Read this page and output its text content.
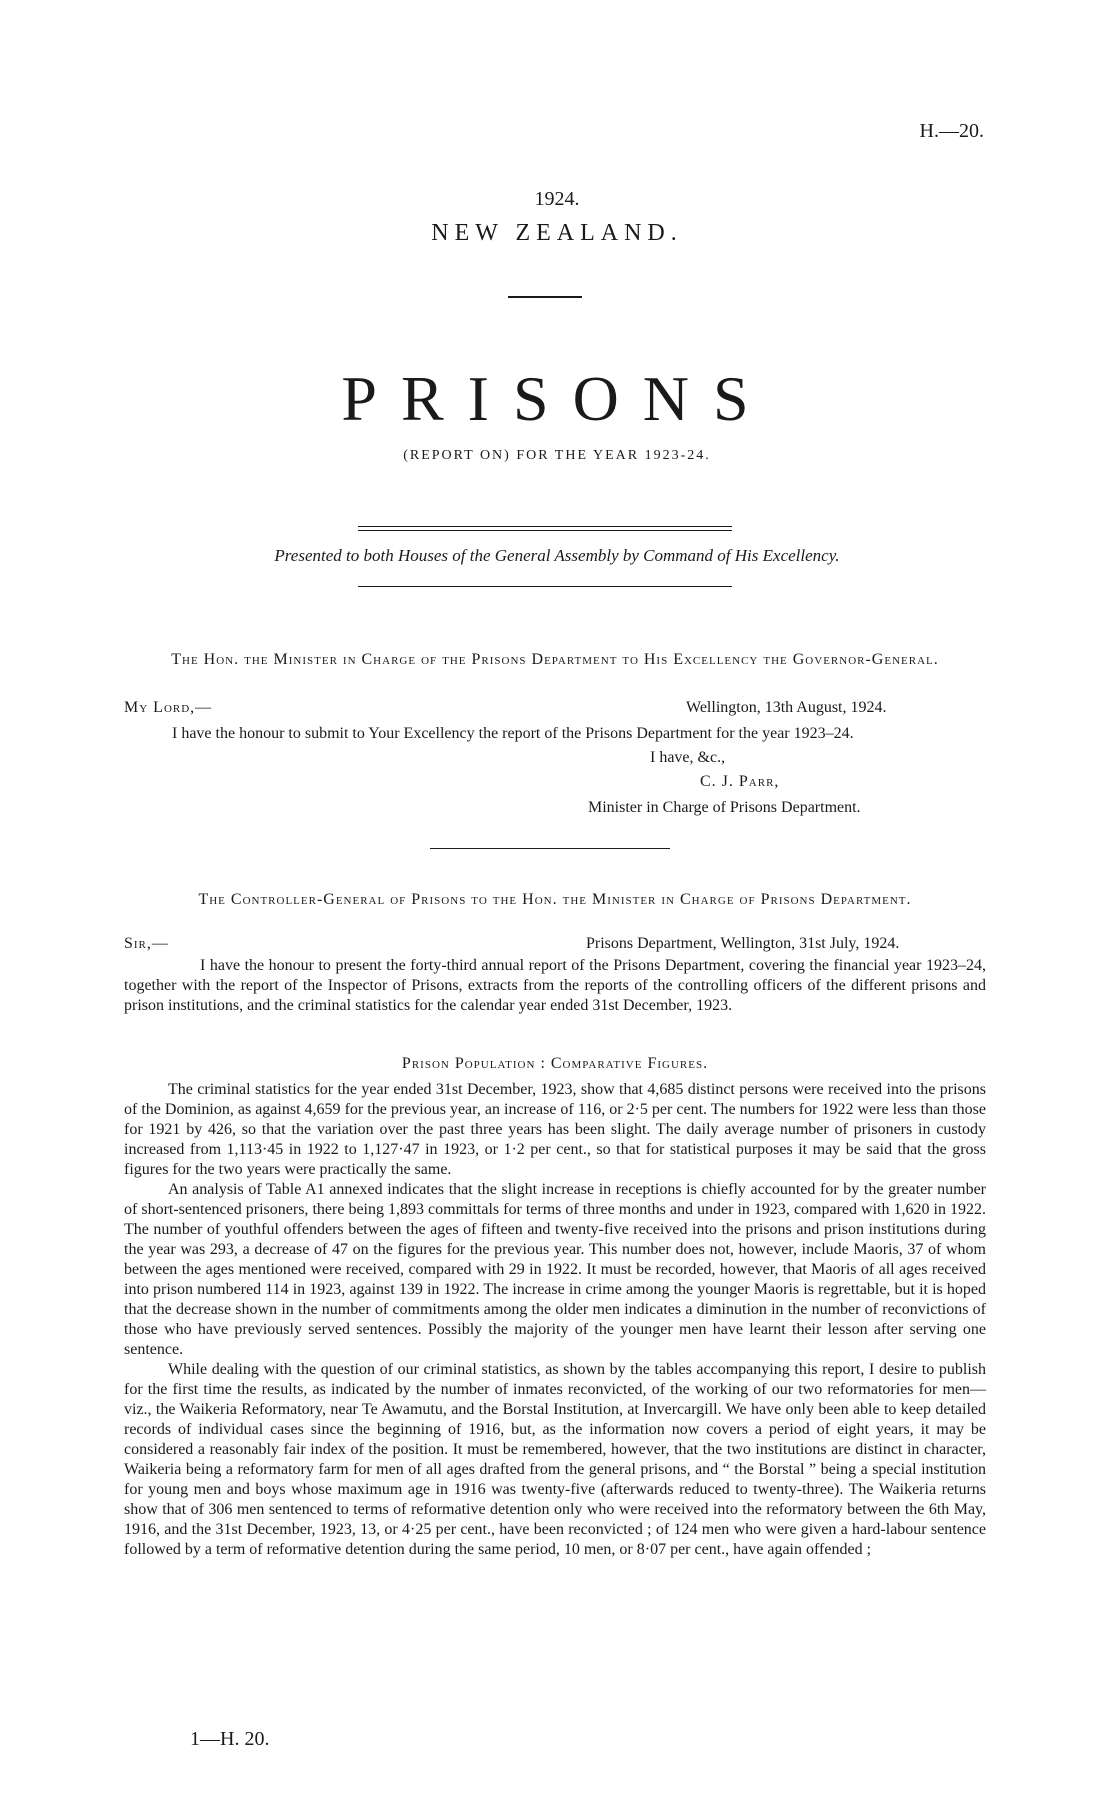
H.—20.
1924.
NEW ZEALAND.
PRISONS
(REPORT ON) FOR THE YEAR 1923-24.
Presented to both Houses of the General Assembly by Command of His Excellency.
The Hon. the Minister in Charge of the Prisons Department to His Excellency the Governor-General.
My Lord,—	Wellington, 13th August, 1924.
I have the honour to submit to Your Excellency the report of the Prisons Department for the year 1923–24.
I have, &c.,
C. J. Parr,
Minister in Charge of Prisons Department.
The Controller-General of Prisons to the Hon. the Minister in Charge of Prisons Department.
Sir,—	Prisons Department, Wellington, 31st July, 1924.
I have the honour to present the forty-third annual report of the Prisons Department, covering the financial year 1923–24, together with the report of the Inspector of Prisons, extracts from the reports of the controlling officers of the different prisons and prison institutions, and the criminal statistics for the calendar year ended 31st December, 1923.
Prison Population : Comparative Figures.

The criminal statistics for the year ended 31st December, 1923, show that 4,685 distinct persons were received into the prisons of the Dominion, as against 4,659 for the previous year, an increase of 116, or 2·5 per cent. The numbers for 1922 were less than those for 1921 by 426, so that the variation over the past three years has been slight. The daily average number of prisoners in custody increased from 1,113·45 in 1922 to 1,127·47 in 1923, or 1·2 per cent., so that for statistical purposes it may be said that the gross figures for the two years were practically the same.

An analysis of Table A1 annexed indicates that the slight increase in receptions is chiefly accounted for by the greater number of short-sentenced prisoners, there being 1,893 committals for terms of three months and under in 1923, compared with 1,620 in 1922. The number of youthful offenders between the ages of fifteen and twenty-five received into the prisons and prison institutions during the year was 293, a decrease of 47 on the figures for the previous year. This number does not, however, include Maoris, 37 of whom between the ages mentioned were received, compared with 29 in 1922. It must be recorded, however, that Maoris of all ages received into prison numbered 114 in 1923, against 139 in 1922. The increase in crime among the younger Maoris is regrettable, but it is hoped that the decrease shown in the number of commitments among the older men indicates a diminution in the number of reconvictions of those who have previously served sentences. Possibly the majority of the younger men have learnt their lesson after serving one sentence.

While dealing with the question of our criminal statistics, as shown by the tables accompanying this report, I desire to publish for the first time the results, as indicated by the number of inmates reconvicted, of the working of our two reformatories for men—viz., the Waikeria Reformatory, near Te Awamutu, and the Borstal Institution, at Invercargill. We have only been able to keep detailed records of individual cases since the beginning of 1916, but, as the information now covers a period of eight years, it may be considered a reasonably fair index of the position. It must be remembered, however, that the two institutions are distinct in character, Waikeria being a reformatory farm for men of all ages drafted from the general prisons, and “ the Borstal ” being a special institution for young men and boys whose maximum age in 1916 was twenty-five (afterwards reduced to twenty-three). The Waikeria returns show that of 306 men sentenced to terms of reformative detention only who were received into the reformatory between the 6th May, 1916, and the 31st December, 1923, 13, or 4·25 per cent., have been reconvicted ; of 124 men who were given a hard-labour sentence followed by a term of reformative detention during the same period, 10 men, or 8·07 per cent., have again offended ;

1—H. 20.
